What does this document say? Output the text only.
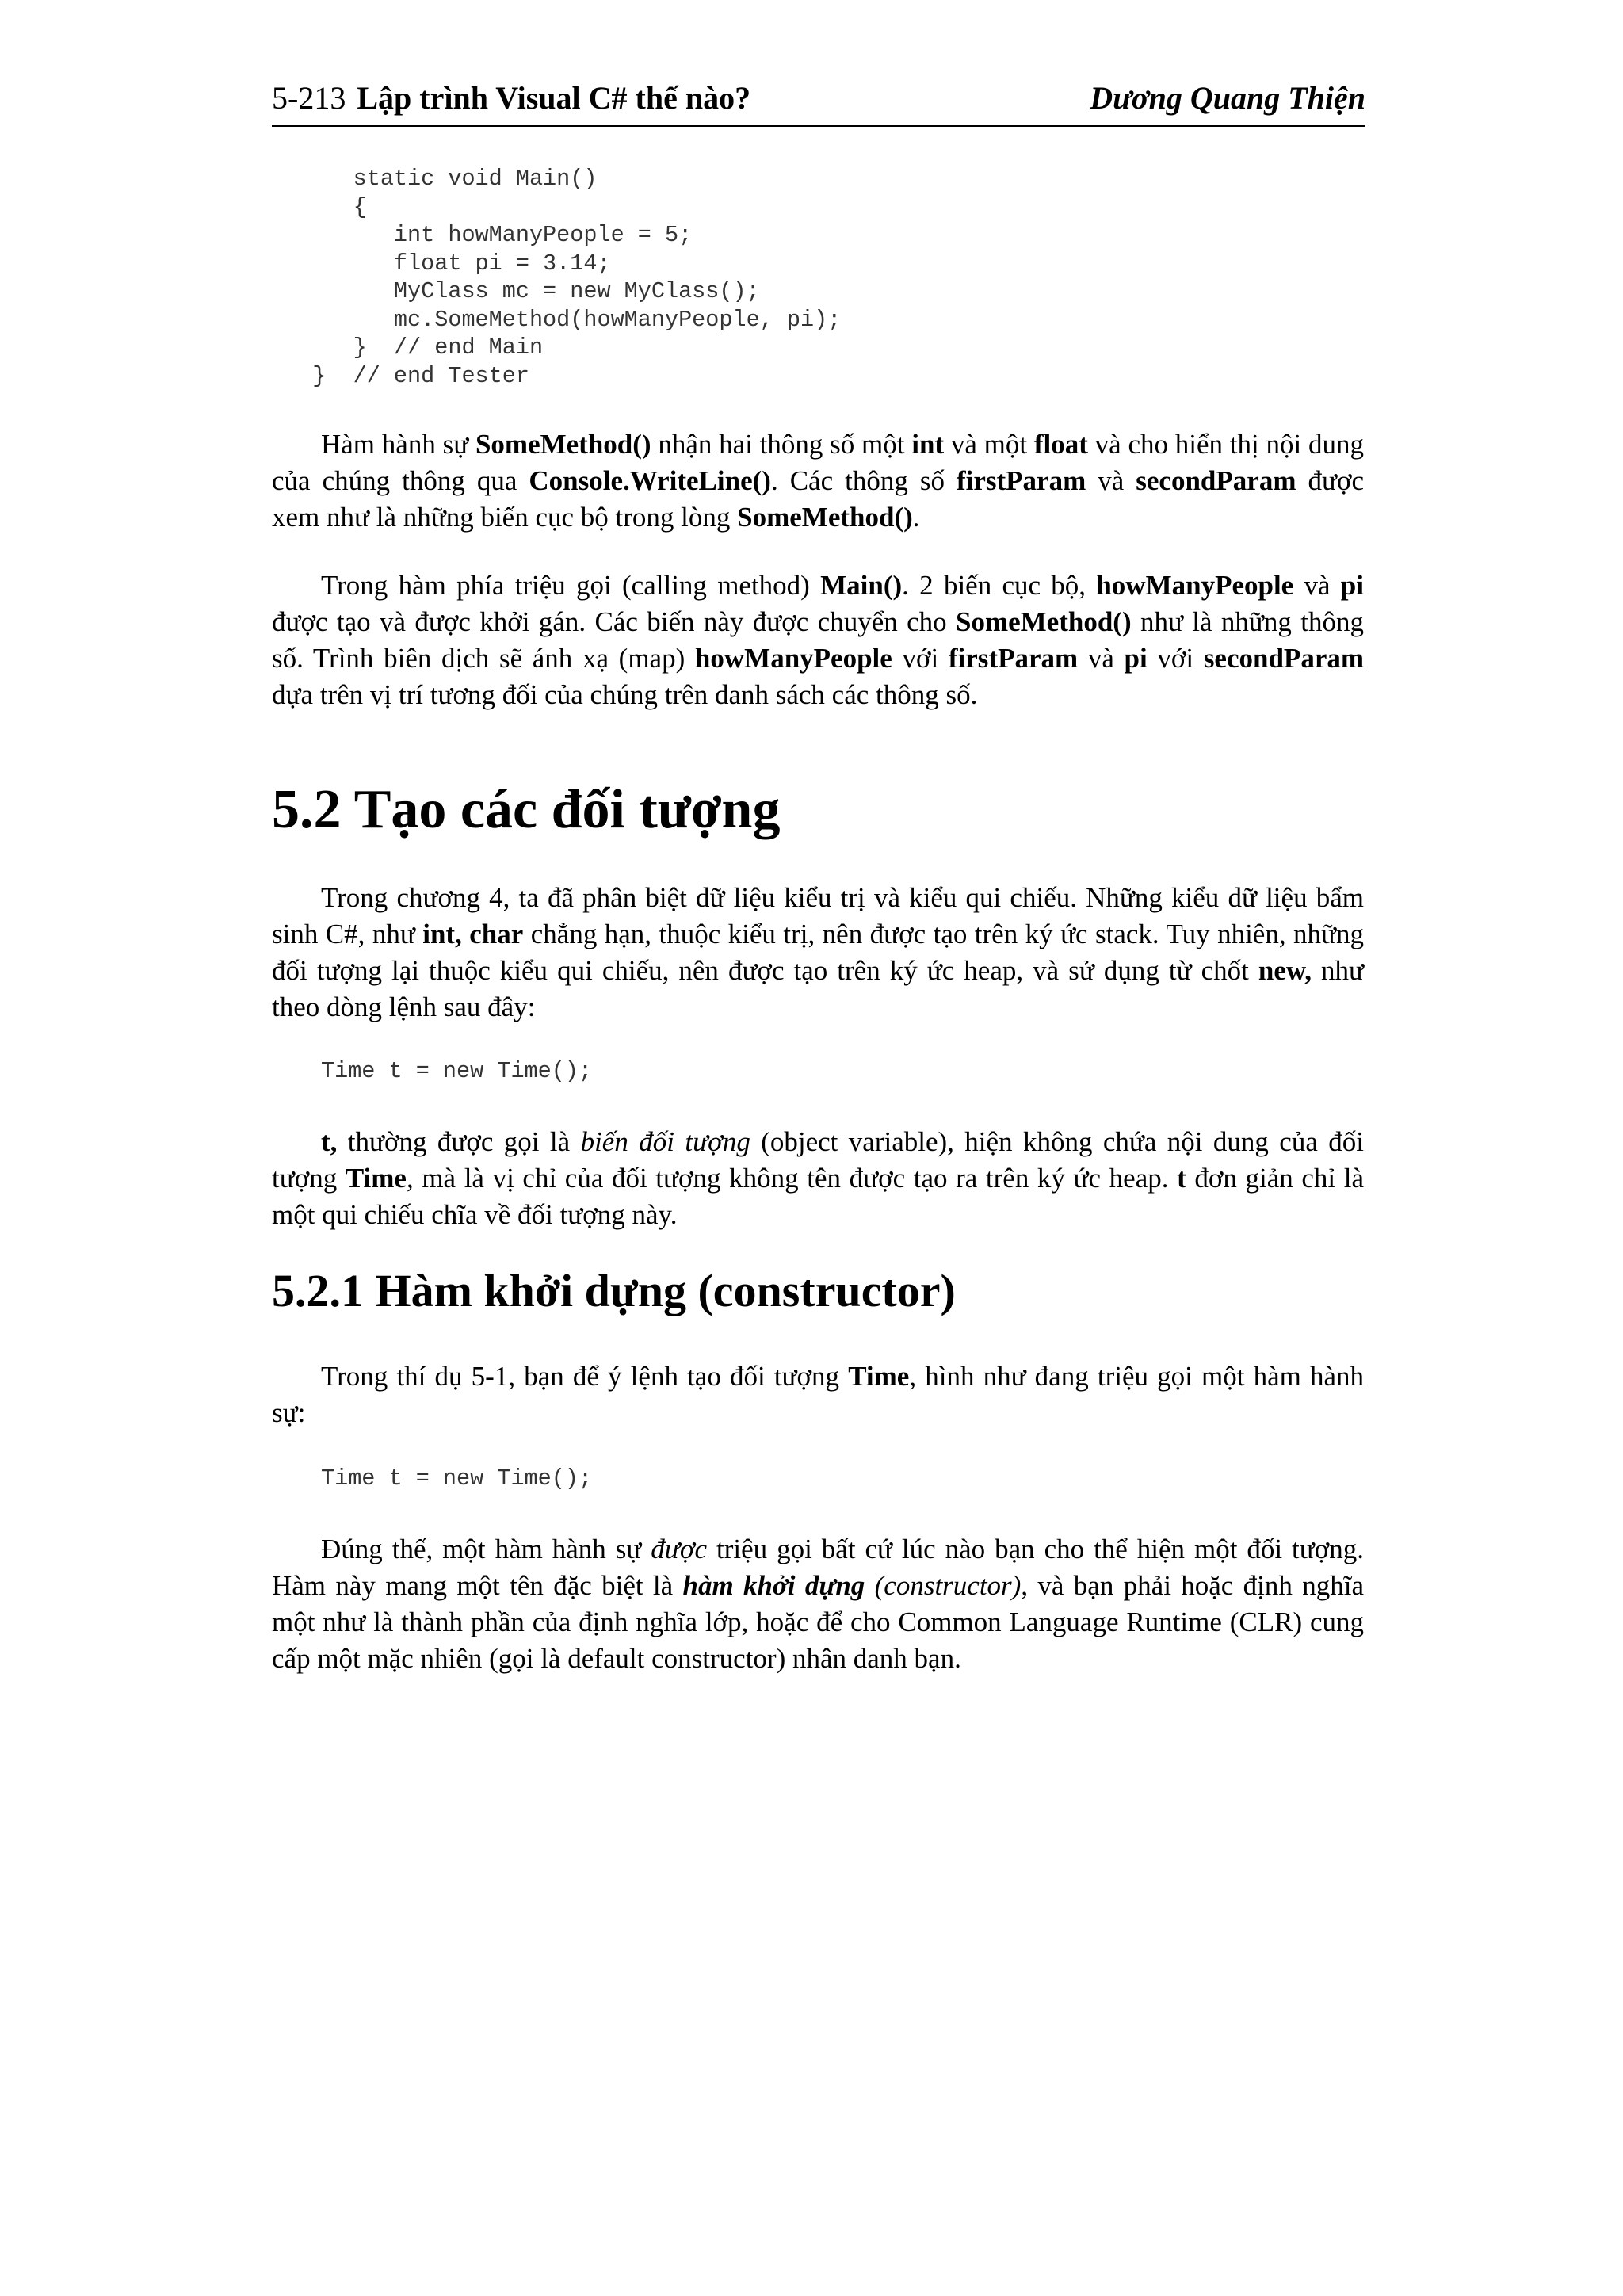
5-213 Lập trình Visual C# thế nào?	Dương Quang Thiện
static void Main()
{
int howManyPeople = 5;
float pi = 3.14;
MyClass mc = new MyClass();
mc.SomeMethod(howManyPeople, pi);
}  // end Main
}  // end Tester

Hàm hành sự SomeMethod() nhận hai thông số một int và một float và cho hiển thị nội dung của chúng thông qua Console.WriteLine(). Các thông số firstParam và secondParam được xem như là những biến cục bộ trong lòng SomeMethod().

Trong hàm phía triệu gọi (calling method) Main(). 2 biến cục bộ, howManyPeople và pi được tạo và được khởi gán. Các biến này được chuyển cho SomeMethod() như là những thông số. Trình biên dịch sẽ ánh xạ (map) howManyPeople với firstParam và pi với secondParam dựa trên vị trí tương đối của chúng trên danh sách các thông số.

5.2 Tạo các đối tượng

Trong chương 4, ta đã phân biệt dữ liệu kiểu trị và kiểu qui chiếu. Những kiểu dữ liệu bẩm sinh C#, như int, char chẳng hạn, thuộc kiểu trị, nên được tạo trên ký ức stack. Tuy nhiên, những đối tượng lại thuộc kiểu qui chiếu, nên được tạo trên ký ức heap, và sử dụng từ chốt new, như theo dòng lệnh sau đây:

Time t = new Time();

t, thường được gọi là biến đối tượng (object variable), hiện không chứa nội dung của đối tượng Time, mà là vị chỉ của đối tượng không tên được tạo ra trên ký ức heap. t đơn giản chỉ là một qui chiếu chĩa về đối tượng này.

5.2.1 Hàm khởi dựng (constructor)

Trong thí dụ 5-1, bạn để ý lệnh tạo đối tượng Time, hình như đang triệu gọi một hàm hành sự:

Time t = new Time();

Đúng thế, một hàm hành sự được triệu gọi bất cứ lúc nào bạn cho thể hiện một đối tượng. Hàm này mang một tên đặc biệt là hàm khởi dựng (constructor), và bạn phải hoặc định nghĩa một như là thành phần của định nghĩa lớp, hoặc để cho Common Language Runtime (CLR) cung cấp một mặc nhiên (gọi là default constructor) nhân danh bạn.
